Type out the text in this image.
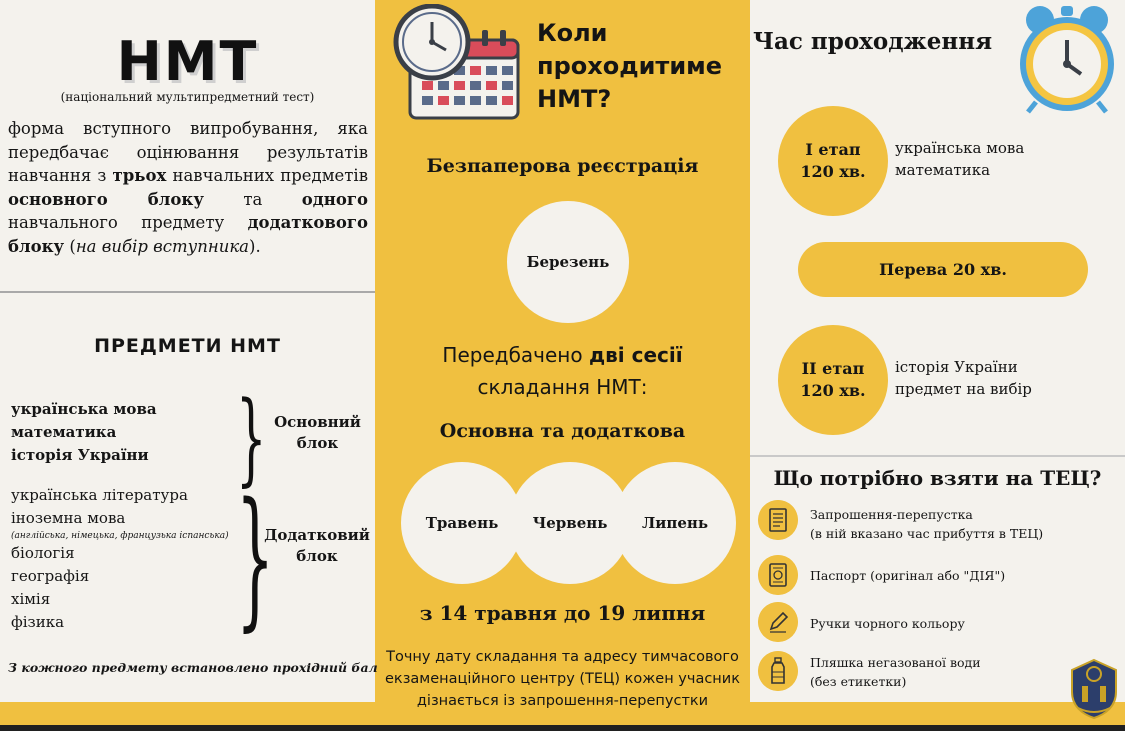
НМТ
(національний мультипредметний тест)
форма вступного випробування, яка передбачає оцінювання результатів навчання з трьох навчальних предметів основного блоку та одного навчального предмету додаткового блоку (на вибір вступника).
ПРЕДМЕТИ НМТ
українська мова
математика
історія України } Основний
блок
українська література
іноземна мова
(англійська, німецька, французька іспанська)
біологія
географія
хімія
фізика	}
Додатковий
блок
З кожного предмету встановлено прохідний бал
Коли
проходитиме
НМТ?
Безпаперова реєстрація
Березень
Передбачено дві сесії
складання НМТ:
Основна та додаткова
Травень Червень Липень
з 14 травня до 19 липня
Точну дату складання та адресу тимчасового
екзаменаційного центру (ТЕЦ) кожен учасник
дізнається із запрошення-перепустки
Час проходження
I етап
120 хв.
українська мова
математика
Перева 20 хв.
II етап
120 хв.
історія України
предмет на вибір
Що потрібно взяти на ТЕЦ?
Запрошення-перепустка
(в ній вказано час прибуття в ТЕЦ)
Паспорт (оригінал або "ДІЯ")
Ручки чорного кольору
Пляшка негазованої води
(без етикетки)
